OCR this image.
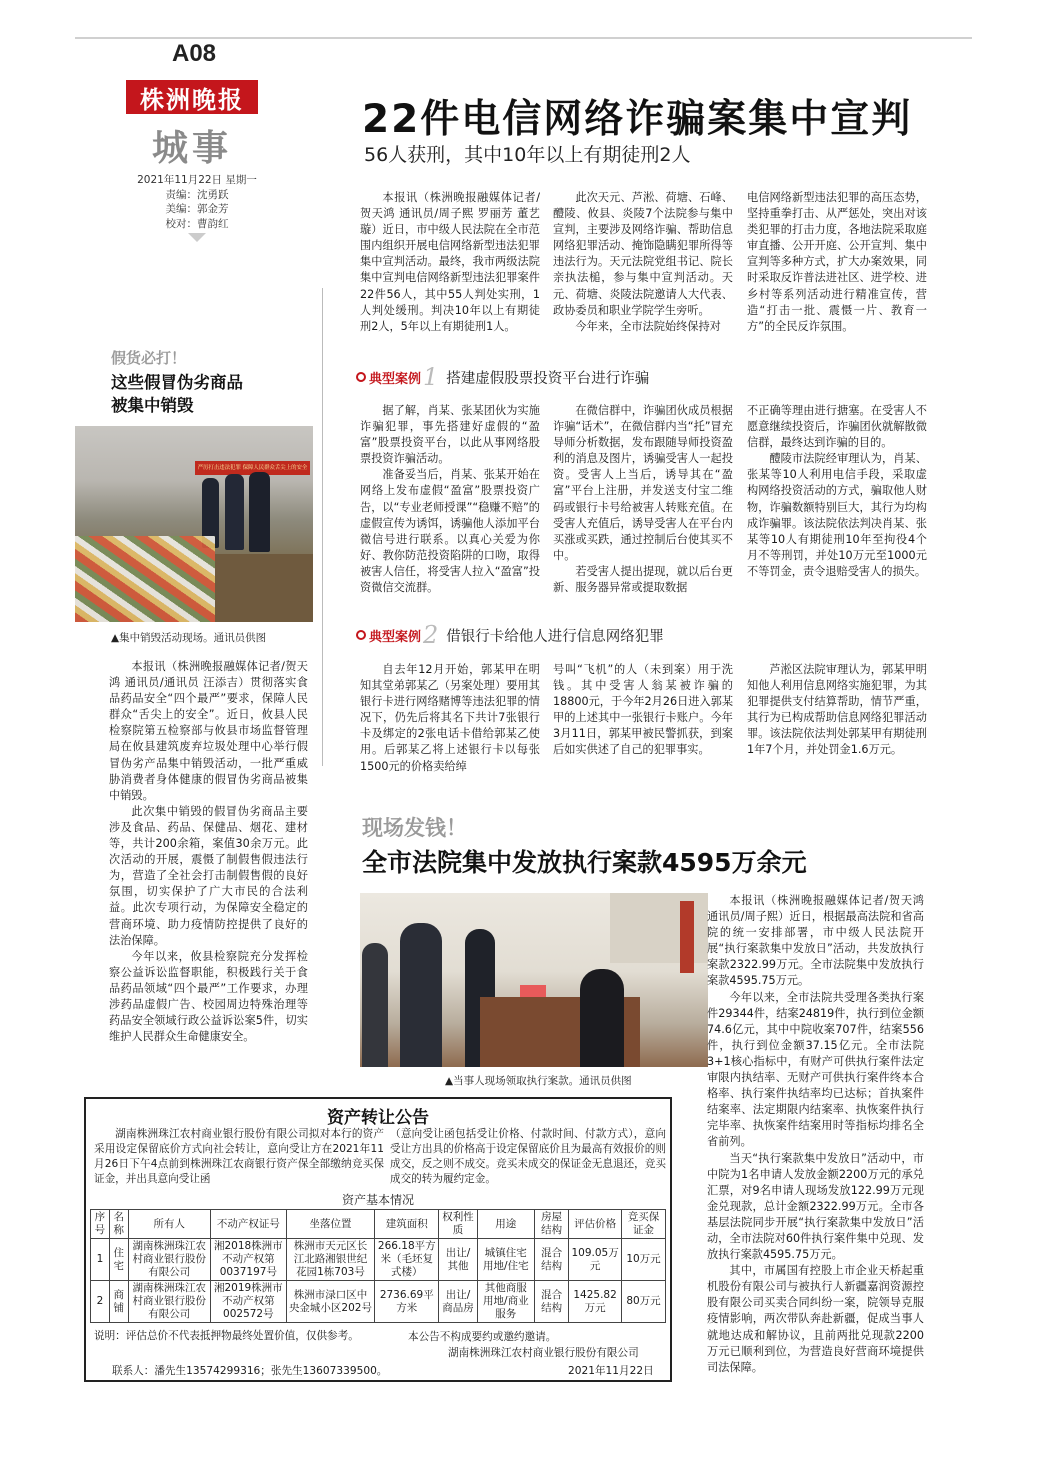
A08
株洲晚报
城事
2021年11月22日 星期一
责编：沈勇跃
美编：郭金芳
校对：曹韵红
22件电信网络诈骗案集中宣判
56人获刑，其中10年以上有期徒刑2人
本报讯（株洲晚报融媒体记者/贺天鸿 通讯员/周子熙 罗丽芳 董艺璇）近日，市中级人民法院在全市范围内组织开展电信网络新型违法犯罪集中宣判活动。最终，我市两级法院集中宣判电信网络新型违法犯罪案件22件56人，其中55人判处实刑，1人判处缓刑。判决10年以上有期徒刑2人，5年以上有期徒刑1人。

此次天元、芦淞、荷塘、石峰、醴陵、攸县、炎陵7个法院参与集中宣判，主要涉及网络诈骗、帮助信息网络犯罪活动、掩饰隐瞒犯罪所得等违法行为。天元法院党组书记、院长亲执法槌，参与集中宣判活动。天元、荷塘、炎陵法院邀请人大代表、政协委员和职业学院学生旁听。

今年来，全市法院始终保持对

电信网络新型违法犯罪的高压态势，坚持重拳打击、从严惩处，突出对该类犯罪的打击力度，各地法院采取庭审直播、公开开庭、公开宣判、集中宣判等多种方式，扩大办案效果，同时采取反诈普法进社区、进学校、进乡村等系列活动进行精准宣传，营造“打击一批、震慑一片、教育一方”的全民反诈氛围。
典型案例 1 搭建虚假股票投资平台进行诈骗

据了解，肖某、张某团伙为实施诈骗犯罪，事先搭建好虚假的“盈富”股票投资平台，以此从事网络股票投资诈骗活动。

准备妥当后，肖某、张某开始在网络上发布虚假“盈富”股票投资广告，以“专业老师授课”“稳赚不赔”的虚假宣传为诱饵，诱骗他人添加平台微信号进行联系。以真心关爱为你好、教你防范投资陷阱的口吻，取得被害人信任，将受害人拉入“盈富”投资微信交流群。

在微信群中，诈骗团伙成员根据诈骗“话术”，在微信群内当“托”冒充导师分析数据，发布跟随导师投资盈利的消息及图片，诱骗受害人一起投资。受害人上当后，诱导其在“盈富”平台上注册，并发送支付宝二维码或银行卡号给被害人转账充值。在受害人充值后，诱导受害人在平台内买涨或买跌，通过控制后台使其买不中。

若受害人提出提现，就以后台更新、服务器异常或提取数据

不正确等理由进行搪塞。在受害人不愿意继续投资后，诈骗团伙就解散微信群，最终达到诈骗的目的。

醴陵市法院经审理认为，肖某、张某等10人利用电信手段，采取虚构网络投资活动的方式，骗取他人财物，诈骗数额特别巨大，其行为均构成诈骗罪。该法院依法判决肖某、张某等10人有期徒刑10年至拘役4个月不等刑罚，并处10万元至1000元不等罚金，责令退赔受害人的损失。

典型案例 2 借银行卡给他人进行信息网络犯罪
自去年12月开始，郭某甲在明知其堂弟郭某乙（另案处理）要用其银行卡进行网络赌博等违法犯罪的情况下，仍先后将其名下共计7张银行卡及绑定的2张电话卡借给郭某乙使用。后郭某乙将上述银行卡以每张1500元的价格卖给绰
号叫“飞机”的人（未到案）用于洗钱。其中受害人翁某被诈骗的18800元，于今年2月26日进入郭某甲的上述其中一张银行卡账户。今年3月11日，郭某甲被民警抓获，到案后如实供述了自己的犯罪事实。
芦淞区法院审理认为，郭某甲明知他人利用信息网络实施犯罪，为其犯罪提供支付结算帮助，情节严重，其行为已构成帮助信息网络犯罪活动罪。该法院依法判处郭某甲有期徒刑1年7个月，并处罚金1.6万元。
假货必打！
这些假冒伪劣商品
被集中销毁
严厉打击违法犯罪 保障人民群众舌尖上的安全
▲集中销毁活动现场。通讯员供图

本报讯（株洲晚报融媒体记者/贺天鸿 通讯员/通讯员 汪添吉）贯彻落实食品药品安全“四个最严”要求，保障人民群众“舌尖上的安全”。近日，攸县人民检察院第五检察部与攸县市场监督管理局在攸县建筑废弃垃圾处理中心举行假冒伪劣产品集中销毁活动，一批严重威胁消费者身体健康的假冒伪劣商品被集中销毁。

此次集中销毁的假冒伪劣商品主要涉及食品、药品、保健品、烟花、建材等，共计200余箱，案值30余万元。此次活动的开展，震慑了制假售假违法行为，营造了全社会打击制假售假的良好氛围，切实保护了广大市民的合法利益。此次专项行动，为保障安全稳定的营商环境、助力疫情防控提供了良好的法治保障。

今年以来，攸县检察院充分发挥检察公益诉讼监督职能，积极践行关于食品药品领域“四个最严”工作要求，办理涉药品虚假广告、校园周边特殊治理等药品安全领域行政公益诉讼案5件，切实维护人民群众生命健康安全。

现场发钱！
全市法院集中发放执行案款4595万余元
▲当事人现场领取执行案款。通讯员供图

本报讯（株洲晚报融媒体记者/贺天鸿 通讯员/周子熙）近日，根据最高法院和省高院的统一安排部署，市中级人民法院开展“执行案款集中发放日”活动，共发放执行案款2322.99万元。全市法院集中发放执行案款4595.75万元。

今年以来，全市法院共受理各类执行案件29344件，结案24819件，执行到位金额74.6亿元，其中中院收案707件，结案556件，执行到位金额37.15亿元。全市法院3+1核心指标中，有财产可供执行案件法定审限内执结率、无财产可供执行案件终本合格率、执行案件执结率均已达标；首执案件结案率、法定期限内结案率、执恢案件执行完毕率、执恢案件结案用时等指标均排名全省前列。

当天“执行案款集中发放日”活动中，市中院为1名申请人发放金额2200万元的承兑汇票，对9名申请人现场发放122.99万元现金兑现款，总计金额2322.99万元。全市各基层法院同步开展“执行案款集中发放日”活动，全市法院对60件执行案件集中兑现、发放执行案款4595.75万元。

其中，市属国有控股上市企业天桥起重机股份有限公司与被执行人新疆嘉润资源控股有限公司买卖合同纠纷一案，院领导克服疫情影响，两次带队奔赴新疆，促成当事人就地达成和解协议，且前两批兑现款2200万元已顺利到位，为营造良好营商环境提供司法保障。

资产转让公告
湖南株洲珠江农村商业银行股份有限公司拟对本行的资产采用设定保留底价方式向社会转让，意向受让方在2021年11月26日下午4点前到株洲珠江农商银行资产保全部缴纳竞买保证金，并出具意向受让函
（意向受让函包括受让价格、付款时间、付款方式），意向受让方出具的价格高于设定保留底价且为最高有效报价的则成交，反之则不成交。竞买未成交的保证金无息退还，竞买成交的转为履约定金。
资产基本情况
序号	名称	所有人	不动产权证号	坐落位置	建筑面积	权利性质	用途	房屋结构	评估价格	竞买保证金
1	住宅	湖南株洲珠江农村商业银行股份有限公司	湘2018株洲市不动产权第0037197号	株洲市天元区长江北路湘银世纪花园1栋703号	266.18平方米（毛坯复式楼）	出让/其他	城镇住宅用地/住宅	混合结构	109.05万元	10万元
2	商铺	湖南株洲珠江农村商业银行股份有限公司	湘2019株洲市不动产权第002572号	株洲市渌口区中央金城小区202号	2736.69平方米	出让/商品房	其他商服用地/商业服务	混合结构	1425.82万元	80万元
说明：评估总价不代表抵押物最终处置价值，仅供参考。	本公告不构成要约或邀约邀请。
湖南株洲珠江农村商业银行股份有限公司
联系人：潘先生13574299316；张先生13607339500。	2021年11月22日
